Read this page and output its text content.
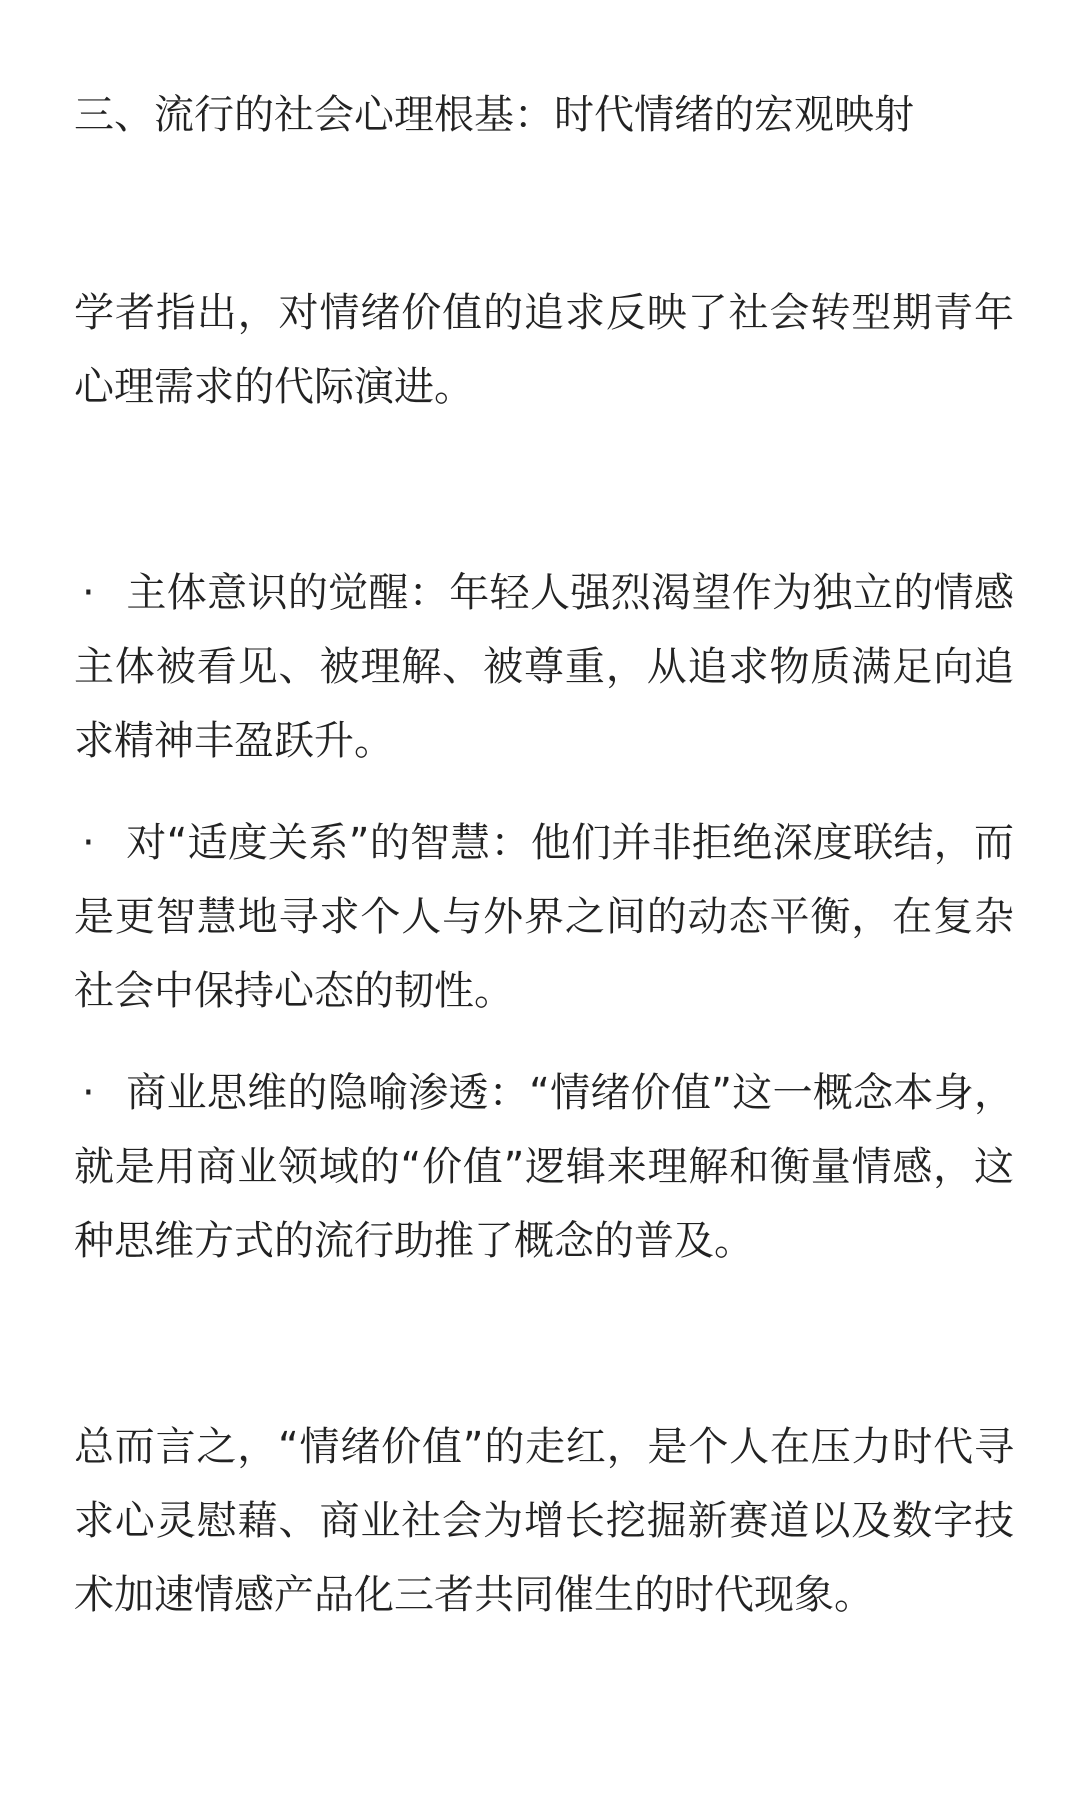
三、流行的社会心理根基：时代情绪的宏观映射

学者指出，对情绪价值的追求反映了社会转型期青年心理需求的代际演进。

· 主体意识的觉醒：年轻人强烈渴望作为独立的情感主体被看见、被理解、被尊重，从追求物质满足向追求精神丰盈跃升。

· 对“适度关系”的智慧：他们并非拒绝深度联结，而是更智慧地寻求个人与外界之间的动态平衡，在复杂社会中保持心态的韧性。

· 商业思维的隐喻渗透：“情绪价值”这一概念本身，就是用商业领域的“价值”逻辑来理解和衡量情感，这种思维方式的流行助推了概念的普及。

总而言之，“情绪价值”的走红，是个人在压力时代寻求心灵慰藉、商业社会为增长挖掘新赛道以及数字技术加速情感产品化三者共同催生的时代现象。
